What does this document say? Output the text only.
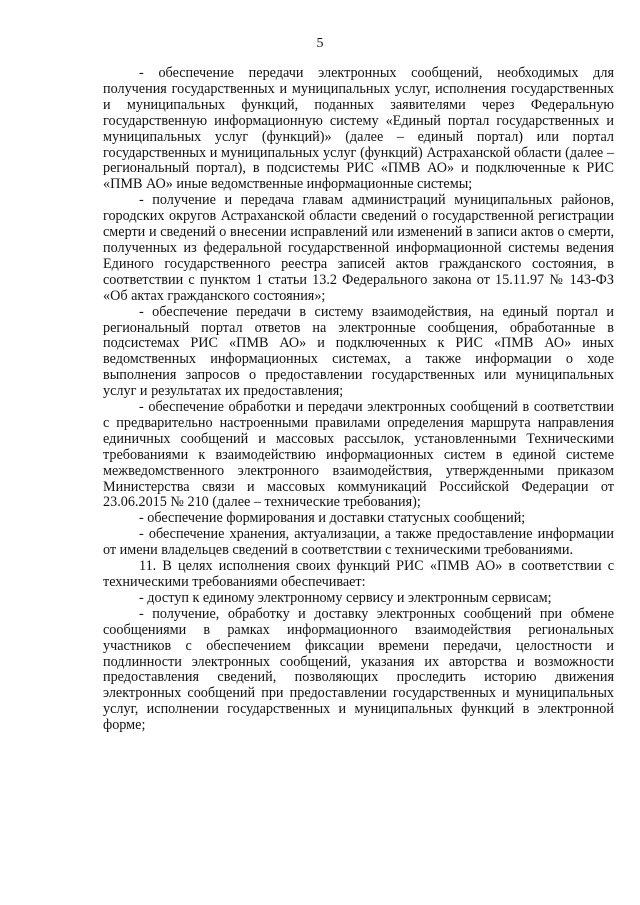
5

- обеспечение передачи электронных сообщений, необходимых для получения государственных и муниципальных услуг, исполнения государственных и муниципальных функций, поданных заявителями через Федеральную государственную информационную систему «Единый портал государственных и муниципальных услуг (функций)» (далее – единый портал) или портал государственных и муниципальных услуг (функций) Астраханской области (далее – региональный портал), в подсистемы РИС «ПМВ АО» и подключенные к РИС «ПМВ АО» иные ведомственные информационные системы;

- получение и передача главам администраций муниципальных районов, городских округов Астраханской области сведений о государственной регистрации смерти и сведений о внесении исправлений или изменений в записи актов о смерти, полученных из федеральной государственной информационной системы ведения Единого государственного реестра записей актов гражданского состояния, в соответствии с пунктом 1 статьи 13.2 Федерального закона от 15.11.97 № 143-ФЗ «Об актах гражданского состояния»;

- обеспечение передачи в систему взаимодействия, на единый портал и региональный портал ответов на электронные сообщения, обработанные в подсистемах РИС «ПМВ АО» и подключенных к РИС «ПМВ АО» иных ведомственных информационных системах, а также информации о ходе выполнения запросов о предоставлении государственных или муниципальных услуг и результатах их предоставления;

- обеспечение обработки и передачи электронных сообщений в соответствии с предварительно настроенными правилами определения маршрута направления единичных сообщений и массовых рассылок, установленными Техническими требованиями к взаимодействию информационных систем в единой системе межведомственного электронного взаимодействия, утвержденными приказом Министерства связи и массовых коммуникаций Российской Федерации от 23.06.2015 № 210 (далее – технические требования);

- обеспечение формирования и доставки статусных сообщений;

- обеспечение хранения, актуализации, а также предоставление информации от имени владельцев сведений в соответствии с техническими требованиями.

11. В целях исполнения своих функций РИС «ПМВ АО» в соответствии с техническими требованиями обеспечивает:

- доступ к единому электронному сервису и электронным сервисам;

- получение, обработку и доставку электронных сообщений при обмене сообщениями в рамках информационного взаимодействия региональных участников с обеспечением фиксации времени передачи, целостности и подлинности электронных сообщений, указания их авторства и возможности предоставления сведений, позволяющих проследить историю движения электронных сообщений при предоставлении государственных и муниципальных услуг, исполнении государственных и муниципальных функций в электронной форме;
